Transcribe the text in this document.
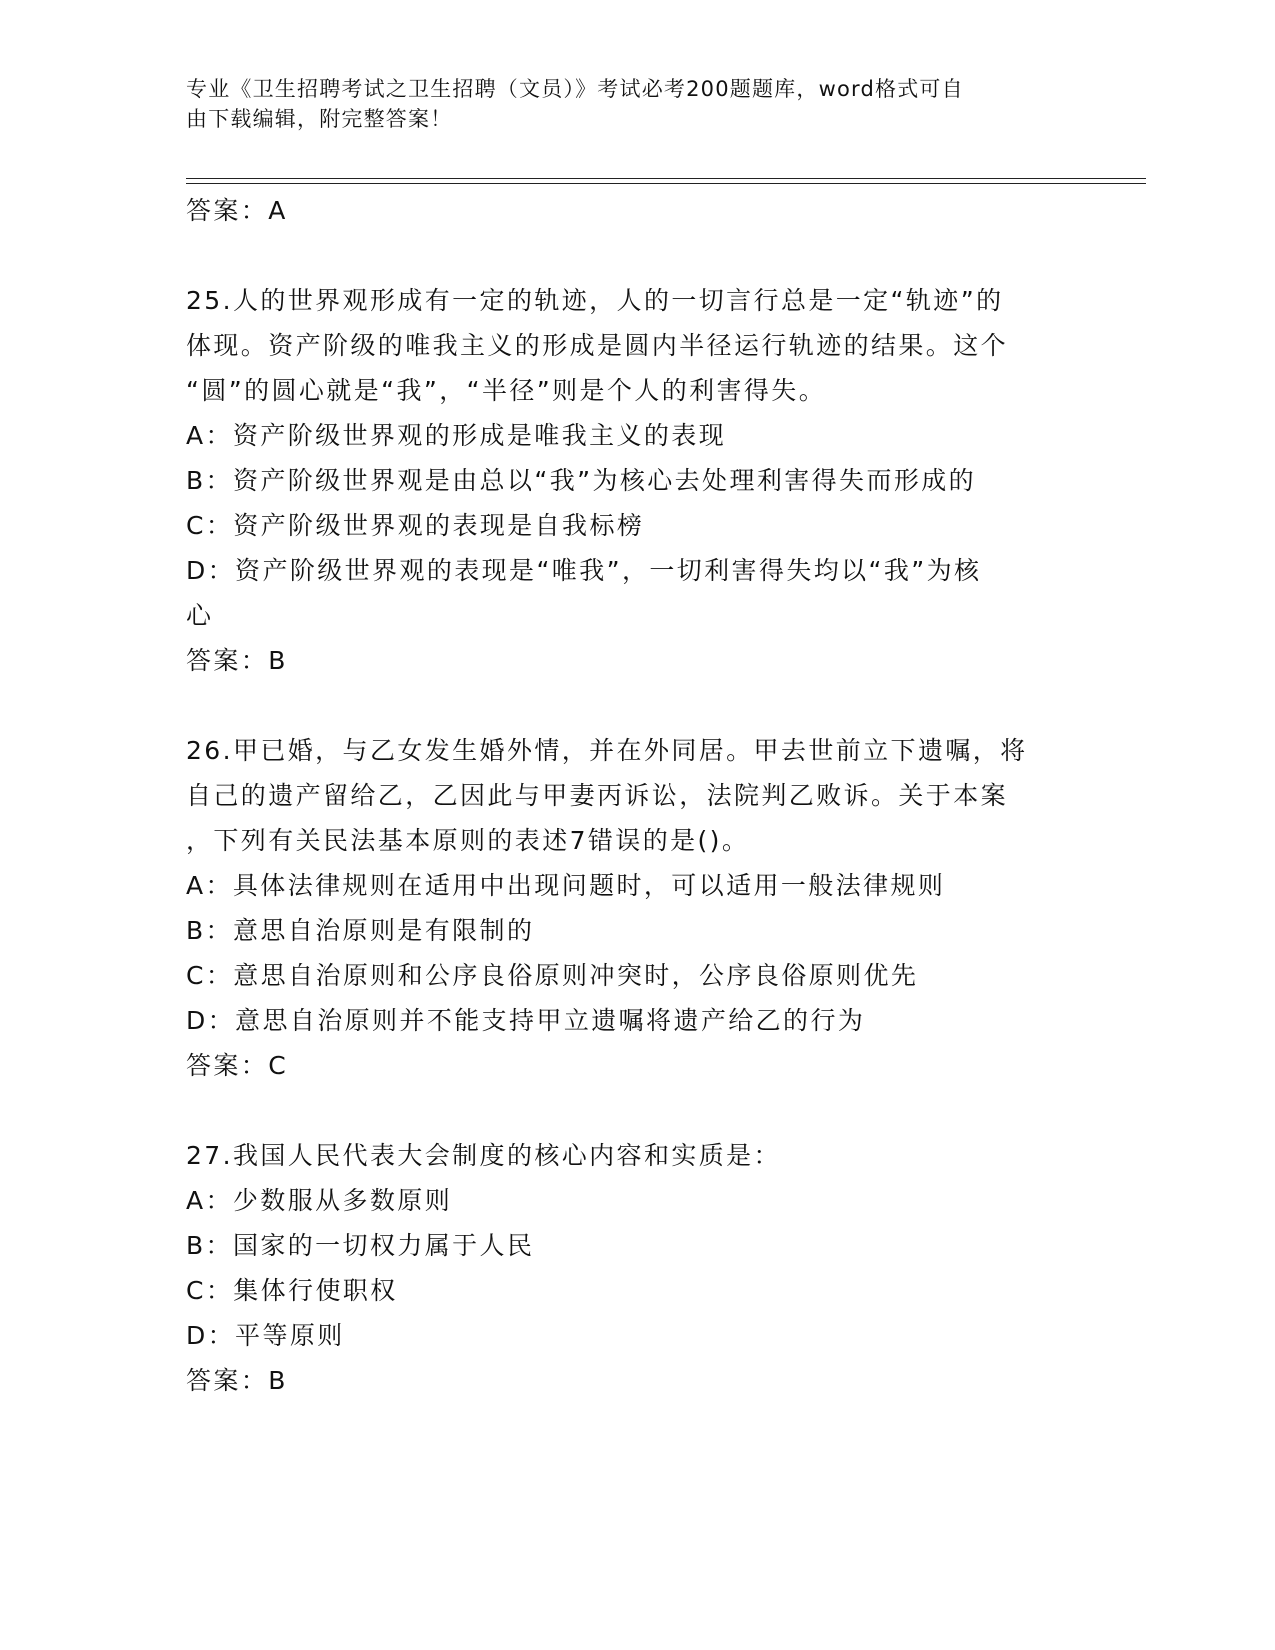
专业《卫生招聘考试之卫生招聘（文员）》考试必考200题题库，word格式可自
由下载编辑，附完整答案！

答案：A

25.人的世界观形成有一定的轨迹，人的一切言行总是一定“轨迹”的

体现。资产阶级的唯我主义的形成是圆内半径运行轨迹的结果。这个

“圆”的圆心就是“我”，“半径”则是个人的利害得失。

A：资产阶级世界观的形成是唯我主义的表现

B：资产阶级世界观是由总以“我”为核心去处理利害得失而形成的

C：资产阶级世界观的表现是自我标榜

D：资产阶级世界观的表现是“唯我”，一切利害得失均以“我”为核

心

答案：B

26.甲已婚，与乙女发生婚外情，并在外同居。甲去世前立下遗嘱，将

自己的遗产留给乙，乙因此与甲妻丙诉讼，法院判乙败诉。关于本案

，下列有关民法基本原则的表述7错误的是()。

A：具体法律规则在适用中出现问题时，可以适用一般法律规则

B：意思自治原则是有限制的

C：意思自治原则和公序良俗原则冲突时，公序良俗原则优先

D：意思自治原则并不能支持甲立遗嘱将遗产给乙的行为

答案：C

27.我国人民代表大会制度的核心内容和实质是：

A：少数服从多数原则

B：国家的一切权力属于人民

C：集体行使职权

D：平等原则

答案：B
